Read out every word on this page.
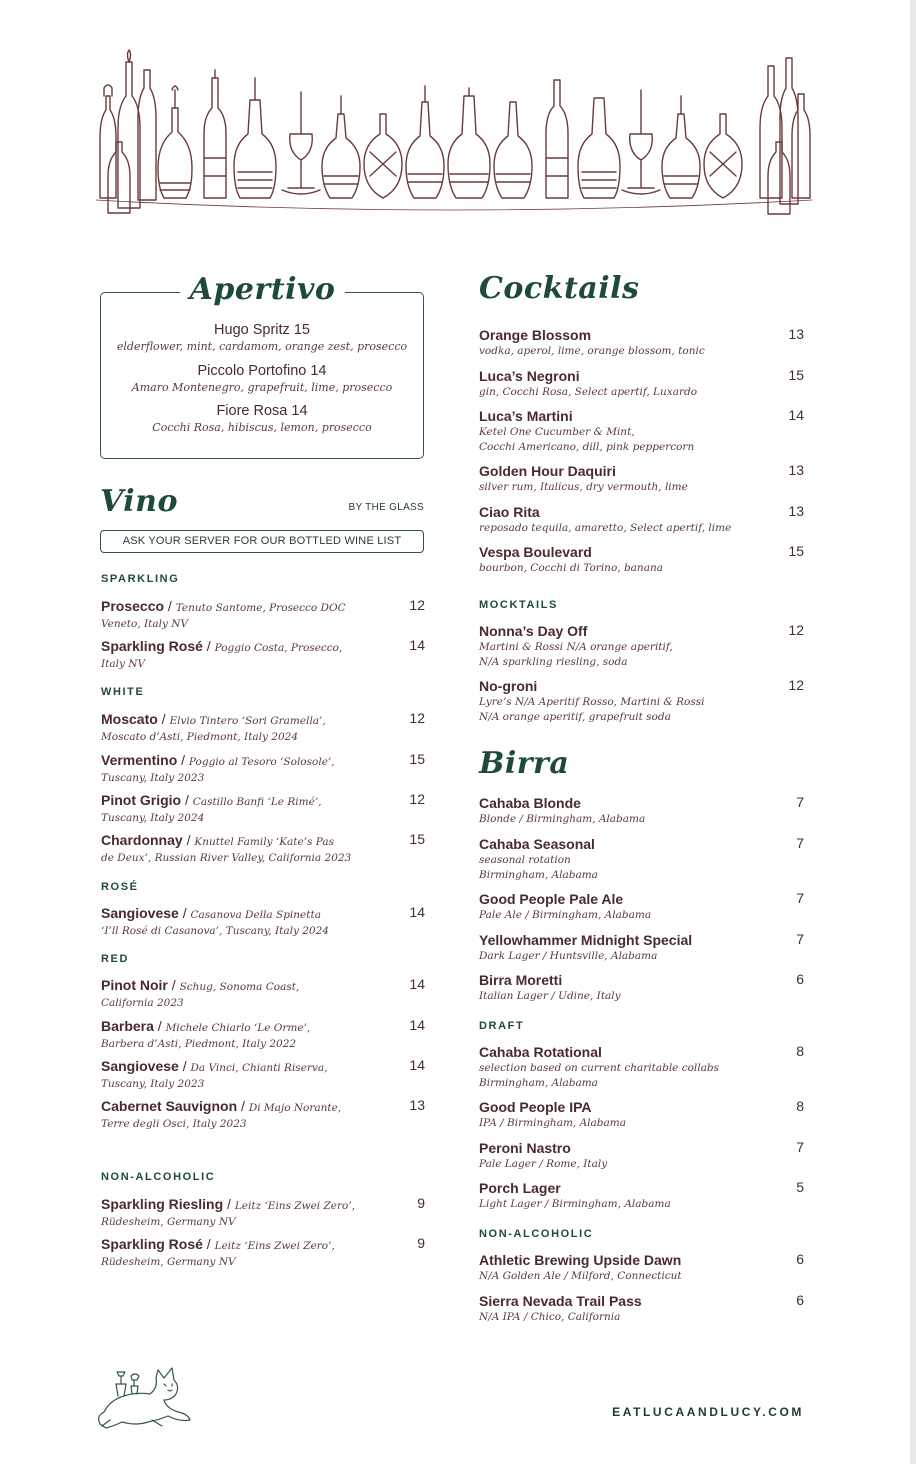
Apertivo
Hugo Spritz 15
elderflower, mint, cardamom, orange zest, prosecco
Piccolo Portofino 14
Amaro Montenegro, grapefruit, lime, prosecco
Fiore Rosa 14
Cocchi Rosa, hibiscus, lemon, prosecco
Vino	BY THE GLASS
ASK YOUR SERVER FOR OUR BOTTLED WINE LIST
SPARKLING
Prosecco / Tenuto Santome, Prosecco DOC	12
Veneto, Italy NV
Sparkling Rosé / Poggio Costa, Prosecco,	14
Italy NV
WHITE
Moscato / Elvio Tintero ‘Sori Gramella’,	12
Moscato d’Asti, Piedmont, Italy 2024
Vermentino / Poggio al Tesoro ‘Solosole’,	15
Tuscany, Italy 2023
Pinot Grigio / Castillo Banfi ‘Le Rimé’,	12
Tuscany, Italy 2024
Chardonnay / Knuttel Family ‘Kate’s Pas	15
de Deux’, Russian River Valley, California 2023
ROSÉ
Sangiovese / Casanova Della Spinetta	14
‘I’ll Rosé di Casanova’, Tuscany, Italy 2024
RED
Pinot Noir / Schug, Sonoma Coast,	14
California 2023
Barbera / Michele Chiarlo ‘Le Orme’,	14
Barbera d’Asti, Piedmont, Italy 2022
Sangiovese / Da Vinci, Chianti Riserva,	14
Tuscany, Italy 2023
Cabernet Sauvignon / Di Majo Norante,	13
Terre degli Osci, Italy 2023
NON-ALCOHOLIC
Sparkling Riesling / Leitz ‘Eins Zwei Zero’,	9
Rüdesheim, Germany NV
Sparkling Rosé / Leitz ‘Eins Zwei Zero’,	9
Rüdesheim, Germany NV
Cocktails
Orange Blossom	13
vodka, aperol, lime, orange blossom, tonic
Luca’s Negroni	15
gin, Cocchi Rosa, Select apertif, Luxardo
Luca’s Martini	14
Ketel One Cucumber & Mint,
Cocchi Americano, dill, pink peppercorn
Golden Hour Daquiri	13
silver rum, Italicus, dry vermouth, lime
Ciao Rita	13
reposado tequila, amaretto, Select apertif, lime
Vespa Boulevard	15
bourbon, Cocchi di Torino, banana
MOCKTAILS
Nonna’s Day Off	12
Martini & Rossi N/A orange aperitif,
N/A sparkling riesling, soda
No-groni	12
Lyre’s N/A Aperitif Rosso, Martini & Rossi
N/A orange aperitif, grapefruit soda
Birra
Cahaba Blonde	7
Blonde / Birmingham, Alabama
Cahaba Seasonal	7
seasonal rotation
Birmingham, Alabama
Good People Pale Ale	7
Pale Ale / Birmingham, Alabama
Yellowhammer Midnight Special	7
Dark Lager / Huntsville, Alabama
Birra Moretti	6
Italian Lager / Udine, Italy
DRAFT
Cahaba Rotational	8
selection based on current charitable collabs
Birmingham, Alabama
Good People IPA	8
IPA / Birmingham, Alabama
Peroni Nastro	7
Pale Lager / Rome, Italy
Porch Lager	5
Light Lager / Birmingham, Alabama
NON-ALCOHOLIC
Athletic Brewing Upside Dawn	6
N/A Golden Ale / Milford, Connecticut
Sierra Nevada Trail Pass	6
N/A IPA / Chico, California
EATLUCAANDLUCY.COM
